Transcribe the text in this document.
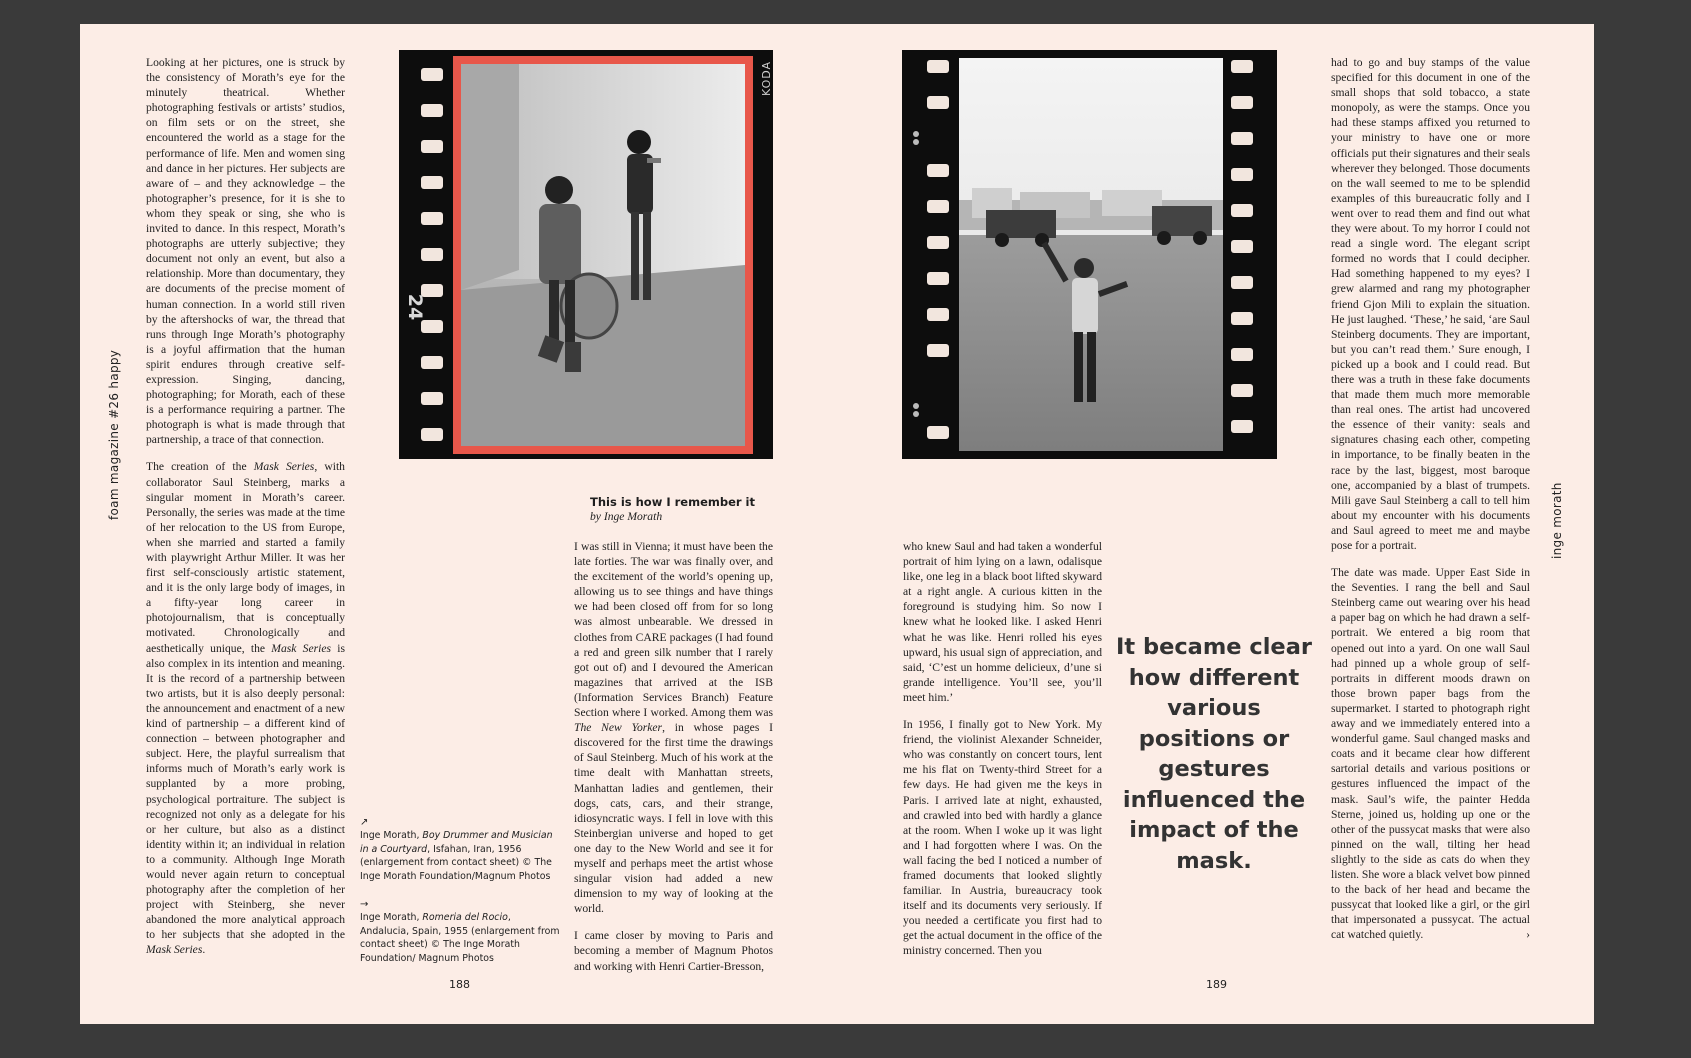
foam magazine #26 happy

Looking at her pictures, one is struck by the consistency of Morath’s eye for the minutely theatrical. Whether photographing festivals or artists’ studios, on film sets or on the street, she encountered the world as a stage for the performance of life. Men and women sing and dance in her pictures. Her subjects are aware of – and they acknowledge – the photographer’s presence, for it is she to whom they speak or sing, she who is invited to dance. In this respect, Morath’s photographs are utterly subjective; they document not only an event, but also a relationship. More than documentary, they are documents of the precise moment of human connection. In a world still riven by the aftershocks of war, the thread that runs through Inge Morath’s photography is a joyful affirmation that the human spirit endures through creative self-expression. Singing, dancing, photographing; for Morath, each of these is a performance requiring a partner. The photograph is what is made through that partnership, a trace of that connection.

The creation of the Mask Series, with collaborator Saul Steinberg, marks a singular moment in Morath’s career. Personally, the series was made at the time of her relocation to the US from Europe, when she married and started a family with playwright Arthur Miller. It was her first self-consciously artistic statement, and it is the only large body of images, in a fifty-year long career in photojournalism, that is conceptually motivated. Chronologically and aesthetically unique, the Mask Series is also complex in its intention and meaning. It is the record of a partnership between two artists, but it is also deeply personal: the announcement and enactment of a new kind of partnership – a different kind of connection – between photographer and subject. Here, the playful surrealism that informs much of Morath’s early work is supplanted by a more probing, psychological portraiture. The subject is recognized not only as a delegate for his or her culture, but also as a distinct identity within it; an individual in relation to a community. Although Inge Morath would never again return to conceptual photography after the completion of her project with Steinberg, she never abandoned the more analytical approach to her subjects that she adopted in the Mask Series.

KODA
24
↗
Inge Morath, Boy Drummer and Musician in a Courtyard, Isfahan, Iran, 1956 (enlargement from contact sheet) © The Inge Morath Foundation/Magnum Photos
→
Inge Morath, Romeria del Rocio, Andalucia, Spain, 1955 (enlargement from contact sheet) © The Inge Morath Foundation/ Magnum Photos
This is how I remember it
by Inge Morath

I was still in Vienna; it must have been the late forties. The war was finally over, and the excitement of the world’s opening up, allowing us to see things and have things we had been closed off from for so long was almost unbearable. We dressed in clothes from CARE packages (I had found a red and green silk number that I rarely got out of) and I devoured the American magazines that arrived at the ISB (Information Services Branch) Feature Section where I worked. Among them was The New Yorker, in whose pages I discovered for the first time the drawings of Saul Steinberg. Much of his work at the time dealt with Manhattan streets, Manhattan ladies and gentlemen, their dogs, cats, cars, and their strange, idiosyncratic ways. I fell in love with this Steinbergian universe and hoped to get one day to the New World and see it for myself and perhaps meet the artist whose singular vision had added a new dimension to my way of looking at the world.

I came closer by moving to Paris and becoming a member of Magnum Photos and working with Henri Cartier-Bresson,

188

who knew Saul and had taken a wonderful portrait of him lying on a lawn, odalisque like, one leg in a black boot lifted skyward at a right angle. A curious kitten in the foreground is studying him. So now I knew what he looked like. I asked Henri what he was like. Henri rolled his eyes upward, his usual sign of appreciation, and said, ‘C’est un homme delicieux, d’une si grande intelligence. You’ll see, you’ll meet him.’

In 1956, I finally got to New York. My friend, the violinist Alexander Schneider, who was constantly on concert tours, lent me his flat on Twenty-third Street for a few days. He had given me the keys in Paris. I arrived late at night, exhausted, and crawled into bed with hardly a glance at the room. When I woke up it was light and I had forgotten where I was. On the wall facing the bed I noticed a number of framed documents that looked slightly familiar. In Austria, bureaucracy took itself and its documents very seriously. If you needed a certificate you first had to get the actual document in the office of the ministry concerned. Then you

It became clear how different various positions or gestures influenced the impact of the mask.

had to go and buy stamps of the value specified for this document in one of the small shops that sold tobacco, a state monopoly, as were the stamps. Once you had these stamps affixed you returned to your ministry to have one or more officials put their signatures and their seals wherever they belonged. Those documents on the wall seemed to me to be splendid examples of this bureaucratic folly and I went over to read them and find out what they were about. To my horror I could not read a single word. The elegant script formed no words that I could decipher. Had something happened to my eyes? I grew alarmed and rang my photographer friend Gjon Mili to explain the situation. He just laughed. ‘These,’ he said, ‘are Saul Steinberg documents. They are important, but you can’t read them.’ Sure enough, I picked up a book and I could read. But there was a truth in these fake documents that made them much more memorable than real ones. The artist had uncovered the essence of their vanity: seals and signatures chasing each other, competing in importance, to be finally beaten in the race by the last, biggest, most baroque one, accompanied by a blast of trumpets. Mili gave Saul Steinberg a call to tell him about my encounter with his documents and Saul agreed to meet me and maybe pose for a portrait.

The date was made. Upper East Side in the Seventies. I rang the bell and Saul Steinberg came out wearing over his head a paper bag on which he had drawn a self-portrait. We entered a big room that opened out into a yard. On one wall Saul had pinned up a whole group of self-portraits in different moods drawn on those brown paper bags from the supermarket. I started to photograph right away and we immediately entered into a wonderful game. Saul changed masks and coats and it became clear how different sartorial details and various positions or gestures influenced the impact of the mask. Saul’s wife, the painter Hedda Sterne, joined us, holding up one or the other of the pussycat masks that were also pinned on the wall, tilting her head slightly to the side as cats do when they listen. She wore a black velvet bow pinned to the back of her head and became the pussycat that looked like a girl, or the girl that impersonated a pussycat. The actual cat watched quietly.	›

inge morath
189
